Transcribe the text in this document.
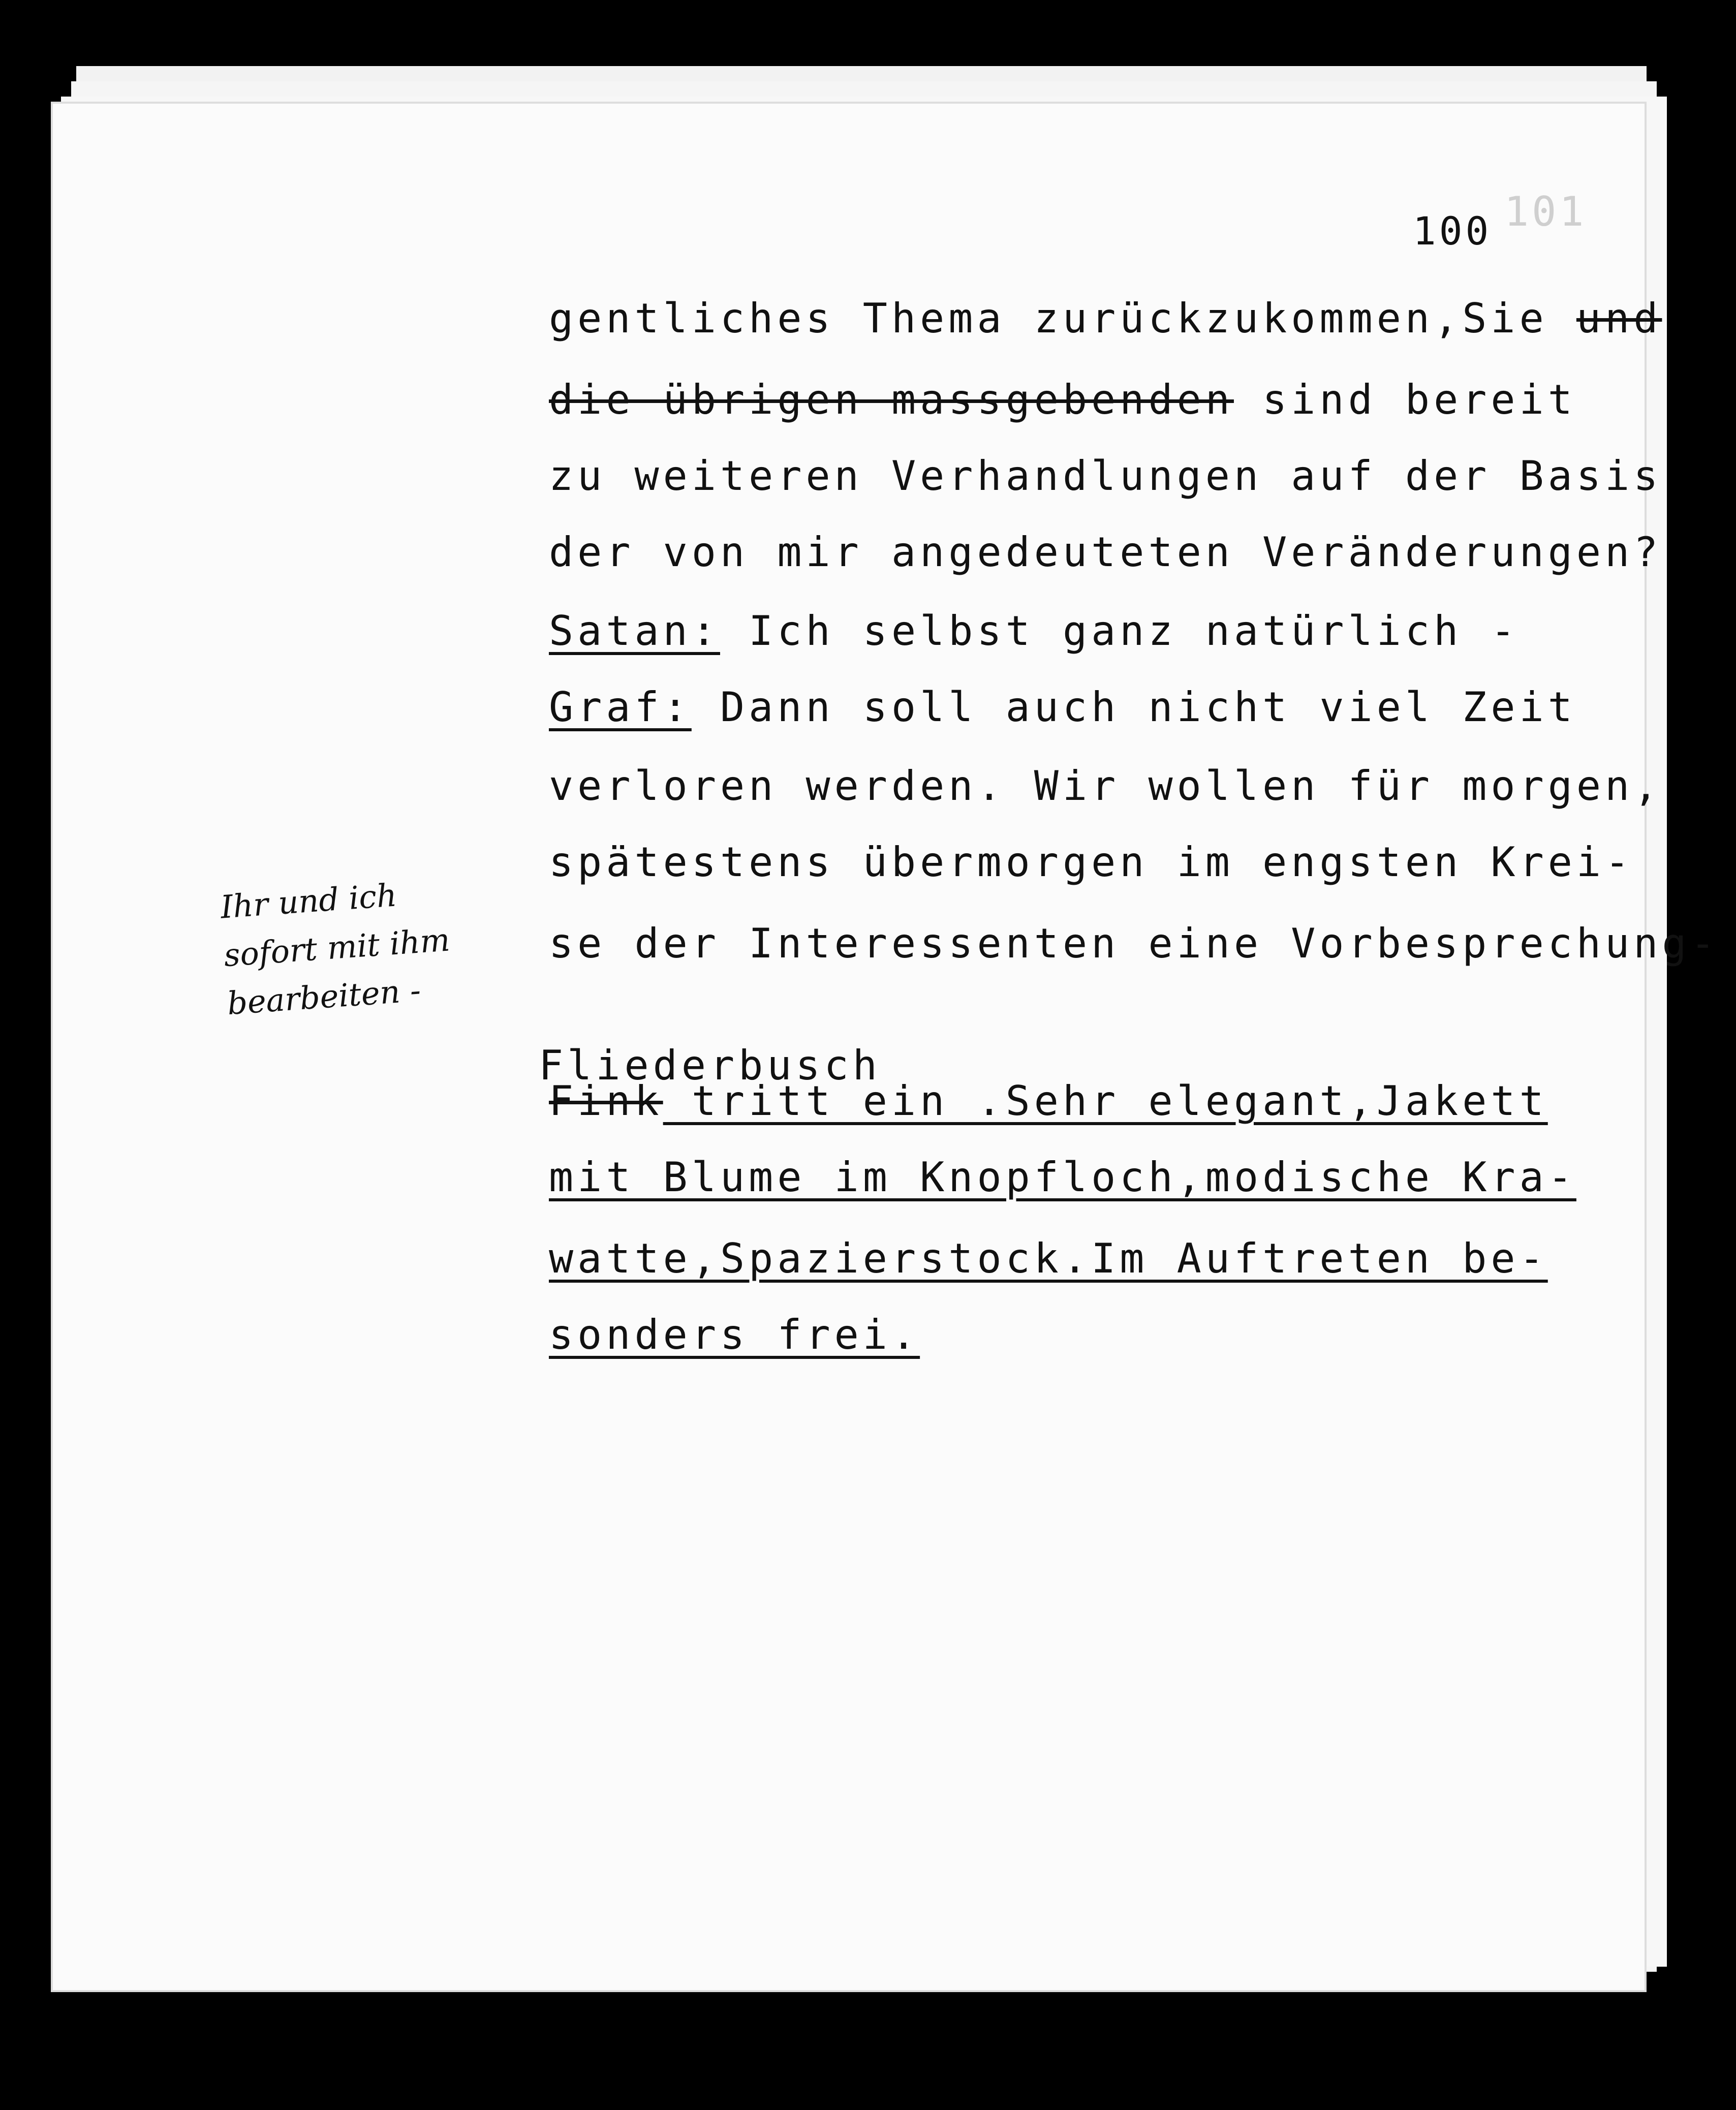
101
100
gentliches Thema zurückzukommen,Sie und
die übrigen massgebenden sind bereit
zu weiteren Verhandlungen auf der Basis
der von mir angedeuteten Veränderungen?
Satan: Ich selbst ganz natürlich -
Graf: Dann soll auch nicht viel Zeit
verloren werden. Wir wollen für morgen,
spätestens übermorgen im engsten Krei-
se der Interessenten eine Vorbesprechung-
Fliederbusch
Fink tritt ein .Sehr elegant,Jakett
mit Blume im Knopfloch,modische Kra-
watte,Spazierstock.Im Auftreten be-
sonders frei.
Ihr und ich sofort mit ihm bearbeiten -
